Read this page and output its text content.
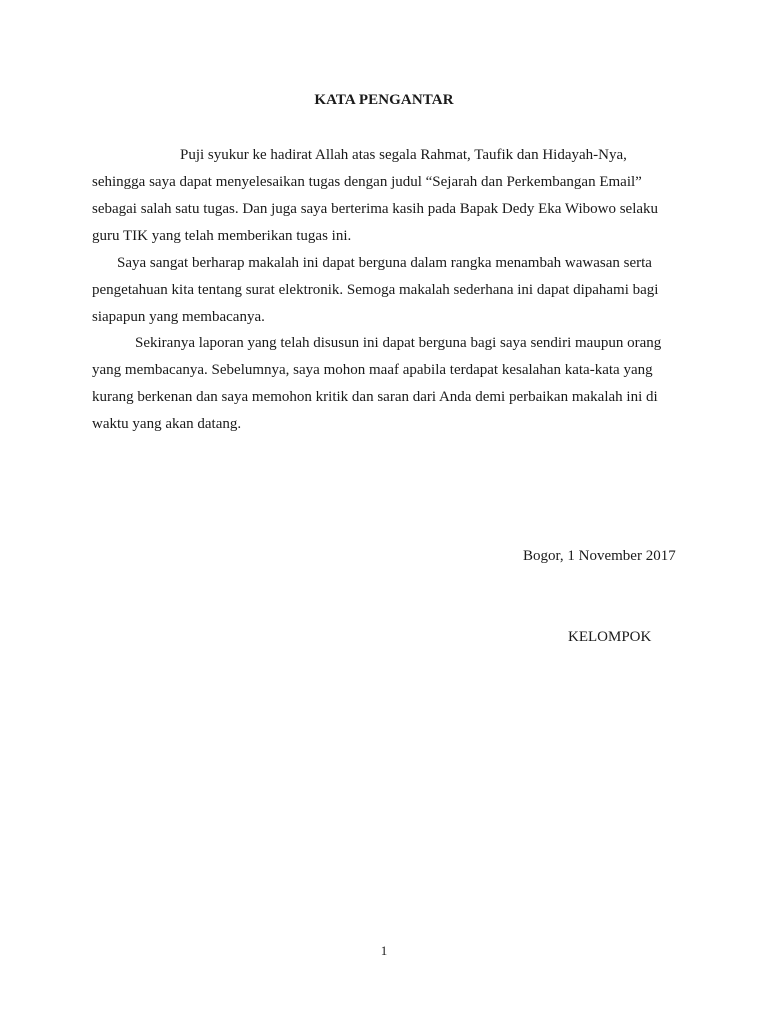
KATA PENGANTAR
Puji syukur ke hadirat Allah atas segala Rahmat, Taufik dan Hidayah-Nya,
sehingga saya dapat menyelesaikan tugas dengan judul “Sejarah dan Perkembangan Email”
sebagai salah satu tugas. Dan juga saya berterima kasih pada Bapak Dedy Eka Wibowo selaku
guru TIK yang telah memberikan tugas ini.
Saya sangat berharap makalah ini dapat berguna dalam rangka menambah wawasan serta
pengetahuan kita tentang surat elektronik. Semoga makalah sederhana ini dapat dipahami bagi
siapapun yang membacanya.
Sekiranya laporan yang telah disusun ini dapat berguna bagi saya sendiri maupun orang
yang membacanya. Sebelumnya, saya mohon maaf apabila terdapat kesalahan kata-kata yang
kurang berkenan dan saya memohon kritik dan saran dari Anda demi perbaikan makalah ini di
waktu yang akan datang.
Bogor, 1 November 2017
KELOMPOK
1
